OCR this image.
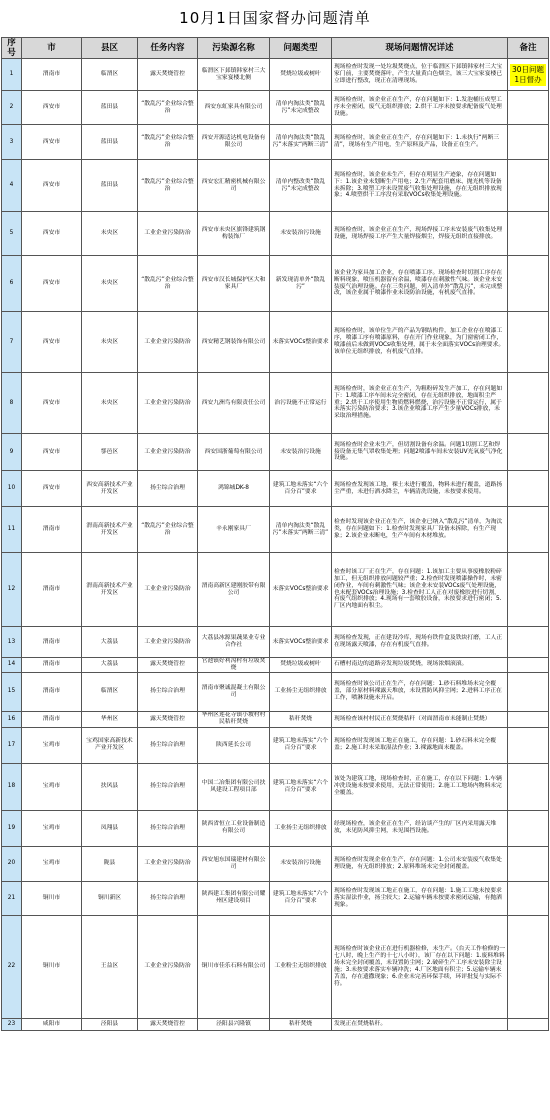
10月1日国家督办问题清单
序号	市	县区	任务内容	污染源名称	问题类型	现场问题情况详述	备注
1	渭南市	临渭区	露天焚烧管控	临渭区下邽镇韩家村三大宝家宴楼北侧	焚烧垃圾或树叶	现场检查时发现一处垃圾焚烧点，位于临渭区下邽镇韩家村三大宝家门前，主要焚烧落叶，产生大量黄白色烟尘，该三大宝家宴楼已立即进行整改，现正在清理现场。	30日问题1日督办
2	西安市	蓝田县	“散乱污”企业综合整治	西安东虹家具有限公司	清单内淘汰类“散乱污”未完成整改	现场检查时，该企业正在生产，存在问题如下：1.发泡桶压成型工序未全密闭，废气无组织排放；2.烘干工序未按要求配备废气处理设施。	
3	西安市	蓝田县	“散乱污”企业综合整治	西安开源适达机电设备有限公司	清单内淘汰类“散乱污”未落实“两断三清”	现场检查时，该企业正在生产，存在问题如下：1.未执行“两断三清”，现场有生产用电，生产原料及产品，设备正在生产。	
4	西安市	蓝田县	“散乱污”企业综合整治	西安宏汇精密机械有限公司	清单内整改类“散乱污”未完成整改	现场检查时，该企业未生产，但存在明显生产迹象，存在问题如下：1.该企业未划断生产用电；2.生产配套用磨床、抛光机等设备未拆除；3.喷塑工序未设置废气收集处理设施，存在无组织排放现象；4.喷塑烘干工序没有采取VOCs收集处理设施。	
5	西安市	未央区	工业企业污染防治	西安市未央区旗锋建筑钢构装饰厂	未安装治污设施	现场检查时，该企业正在生产，现场焊接工序未安装废气收集处理设施，现场焊接工序产生大量焊接烟尘，焊接无组织直接排放。	
6	西安市	未央区	“散乱污”企业综合整治	西安市汉长城保护区大和家具厂	新发现清单外“散乱污”	该企业为家具加工企业，存在喷漆工序。现场检查时切割工序存在断料现象，喷压机器留有余温，喷漆存在刺激性气味。该企业未安装废气治理设施。存在三类问题，列入清单外“散乱污”，未完成整改，该企业属于喷漆作业未设防治设施，有机废气直排。	
7	西安市	未央区	工业企业污染防治	西安精艺钢装饰有限公司	未落实VOCs整治要求	现场检查时，该单位生产的产品为钢结构件，加工企业存在喷漆工序，喷漆工序有喷漆原料，存在开门作业现象，为门窗密闭工作，喷漆前后未做到VOCs收集处理，属于未全面落实VOCs治理要求。该单位无组织排放，有机废气直排。	
8	西安市	未央区	工业企业污染防治	西安九洲鸟有限责任公司	治污设施不正常运行	现场检查时，该企业正在生产，为粗粉碎发生产加工，存在问题如下：1.喷漆工序车间未完全密闭，存在无组织排放，地面积尘严重；2.烘干工序使用生物质燃料燃烧，治污设施不正常运行，属于未落实污染防治要求；3.该企业喷漆工序产生少量VOCs排放，未采取治理措施。	
9	西安市	鄠邑区	工业企业污染防治	西安国浙葡萄有限公司	未安装治污设施	现场检查时企业未生产，但切割设备有余温。问题1切割工艺和焊接设备无集气罩收集处理；问题2喷漆车间未安装UV光氧废气净化设施。	
10	西安市	西安高新技术产业开发区	扬尘综合治理	鸿锦城DK-8	建筑工地未落实“六个百分百”要求	现场检查发现该工地，裸土未进行覆盖，物料未进行覆盖，道路扬尘严重，未进行洒水降尘，车辆清洗设施，未按要求使用。	
11	渭南市	渭南高新技术产业开发区	“散乱污”企业综合整治	辛永刚家具厂	清单内淘汰类“散乱污”未落实“两断三清”	检查时发现该企业正在生产，该企业已纳入“散乱污”清单，为淘汰类，存在问题如下：1.检查时发现家具厂设备未拆除，有生产现象；2.该企业未断电，生产车间有木材堆放。	
12	渭南市	渭南高新技术产业开发区	工业企业污染防治	渭南高新区建刚胶带有限公司	未落实VOCs整治要求	检查时该工厂正在生产，存在问题：1.该加工主要从事废橡胶粉碎加工，但无组织排放问题较严重；2.检查时发现喷漆操作时，未密闭作业，车间有刺激性气味；该企业未安装VOCs废气处理设施，也未配套VOCs治理设施；3.检查时工人正在对废橡胶进行切割，有废气组织排放；4.现场有一套喷胶设备，未按要求进行密闭；5.厂区内地面有积尘。	
13	渭南市	大荔县	工业企业污染防治	大荔县冰源果蔬果业专业合作社	未落实VOCs整治要求	现场检查发现，正在建设冷库，现场有铁件盒及铁块打磨，工人正在现场露天喷漆，存在有机废气直排。	
14	渭南市	大荔县	露天焚烧管控	官池镇好利沟村有垃圾焚烧	焚烧垃圾或树叶	石槽村南边的道路旁发现垃圾焚烧，现场浓烟滚滚。	
15	渭南市	临渭区	扬尘综合治理	渭南市聚诚混凝土有限公司	工业扬尘无组织排放	现场检查时该公司正在生产，存在问题：1.砂石料堆场未完全覆盖，部分原材料裸露天堆放，未设置防风抑尘网；2.进料工序正在工作，喷淋设施未开启。	
16	渭南市	华州区	露天焚烧管控	华州区莲花寺镇小坡村村民秸秆焚烧	秸秆焚烧	现场检查该村村民正在焚烧秸秆（对面渭南市未能制止焚烧）	
17	宝鸡市	宝鸡国家高新技术产业开发区	扬尘综合治理	陕西延长公司	建筑工地未落实“六个百分百”要求	现场检查时发现该工地正在施工，存在问题：1.砂石料未完全覆盖；2.施工时未采取湿法作业；3.裸露地面未覆盖。	
18	宝鸡市	扶风县	扬尘综合治理	中国二冶集团有限公司扶风建设工程项目部	建筑工地未落实“六个百分百”要求	该处为建筑工地，现场检查时，正在施工，存在以下问题：1.车辆冲洗设施未按要求使用，无法正常使用；2.施工工地场内物料未完全覆盖。	
19	宝鸡市	凤翔县	扬尘综合治理	陕西省恒立工业设备制造有限公司	工业扬尘无组织排放	经现场检查，该企业正在生产，经访谈产生的厂区内采用露天堆放，未见防风抑尘网，未见围挡设施。	
20	宝鸡市	陇县	工业企业污染防治	西安旭东国瑞建材有限公司	未安装治污设施	现场检查时发现企业在生产，存在问题：1.公司未安装废气收集处理设施，有无组织排放；2.原料堆场未完全封闭覆盖。	
21	铜川市	铜川新区	扬尘综合治理	陕西建工集团有限公司耀州区建设项目	建筑工地未落实“六个百分百”要求	现场检查时发现该工地正在施工，存在问题：1.施工工地未按要求落实湿法作业，扬尘较大；2.运输车辆未按要求密闭运输，有抛洒现象。	
22	铜川市	王益区	工业企业污染防治	铜川市佳乐石料有限公司	工业粉尘无组织排放	现场检查时该企业正在进行机器检修，未生产。（台天工作检修的一七八时，晚上生产的十七八小时），该厂存在以下问题：1.废料堆料场未完全封闭覆盖，未设置防尘网；2.破碎生产工序未安装除尘设施；3.未按要求落实车辆冲洗；4.厂区地面有积尘；5.运输车辆未苫盖，存在遗撒现象；6.企业未完善环保手续，环评批复与实际不符。	
23	咸阳市	泾阳县	露天焚烧管控	泾阳县兴隆镇	秸秆焚烧	发现正在焚烧秸秆。	
